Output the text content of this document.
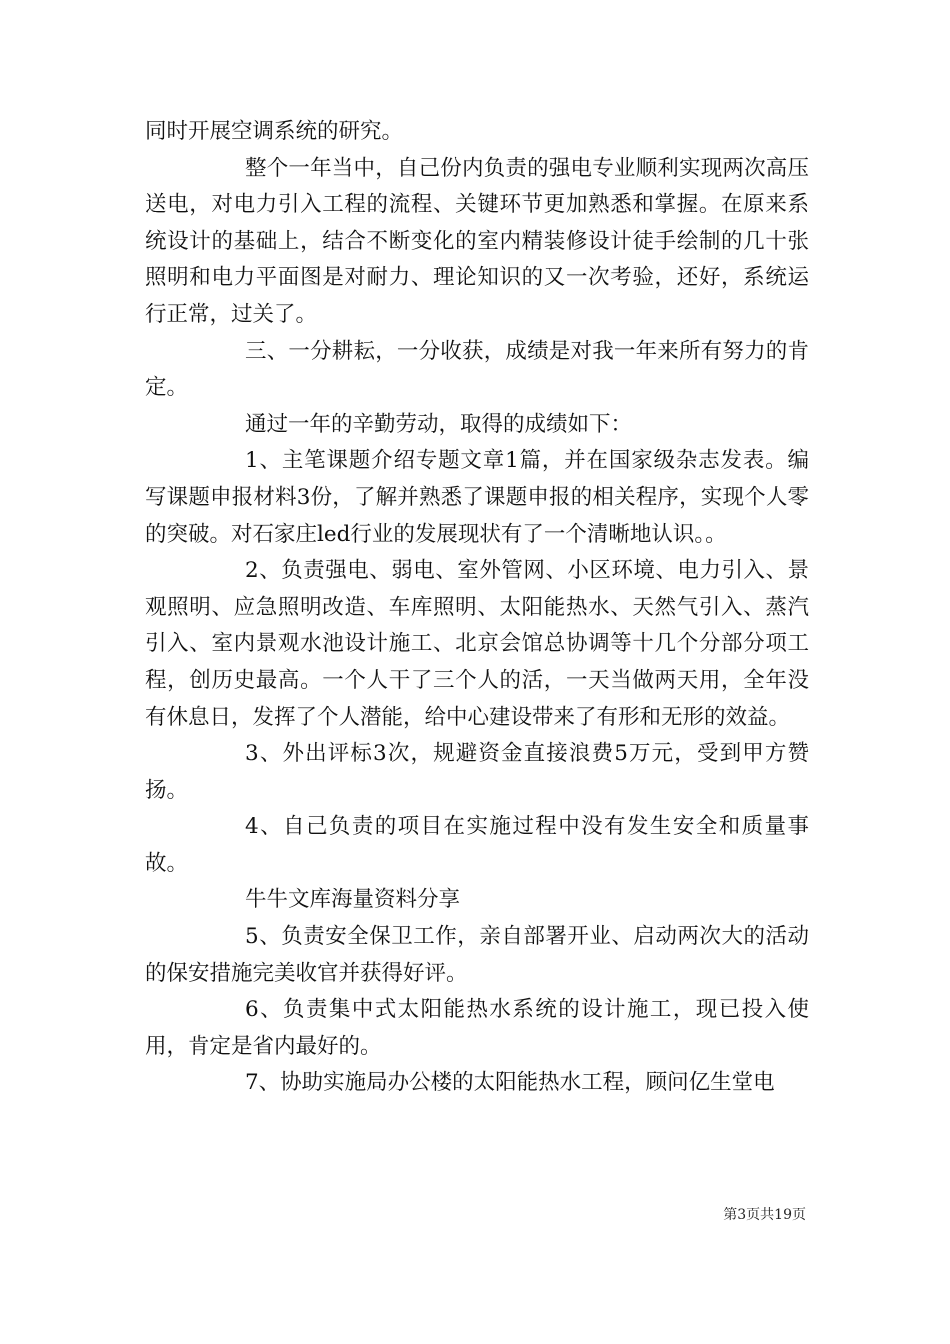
同时开展空调系统的研究。

整个一年当中，自己份内负责的强电专业顺利实现两次高压送电，对电力引入工程的流程、关键环节更加熟悉和掌握。在原来系统设计的基础上，结合不断变化的室内精装修设计徒手绘制的几十张照明和电力平面图是对耐力、理论知识的又一次考验，还好，系统运行正常，过关了。

三、一分耕耘，一分收获，成绩是对我一年来所有努力的肯定。

通过一年的辛勤劳动，取得的成绩如下：

1、主笔课题介绍专题文章1篇，并在国家级杂志发表。编写课题申报材料3份，了解并熟悉了课题申报的相关程序，实现个人零的突破。对石家庄led行业的发展现状有了一个清晰地认识。。

2、负责强电、弱电、室外管网、小区环境、电力引入、景观照明、应急照明改造、车库照明、太阳能热水、天然气引入、蒸汽引入、室内景观水池设计施工、北京会馆总协调等十几个分部分项工程，创历史最高。一个人干了三个人的活，一天当做两天用，全年没有休息日，发挥了个人潜能，给中心建设带来了有形和无形的效益。

3、外出评标3次，规避资金直接浪费5万元，受到甲方赞扬。

4、自己负责的项目在实施过程中没有发生安全和质量事故。

牛牛文库海量资料分享

5、负责安全保卫工作，亲自部署开业、启动两次大的活动的保安措施完美收官并获得好评。

6、负责集中式太阳能热水系统的设计施工，现已投入使用，肯定是省内最好的。

7、协助实施局办公楼的太阳能热水工程，顾问亿生堂电

第3页共19页
